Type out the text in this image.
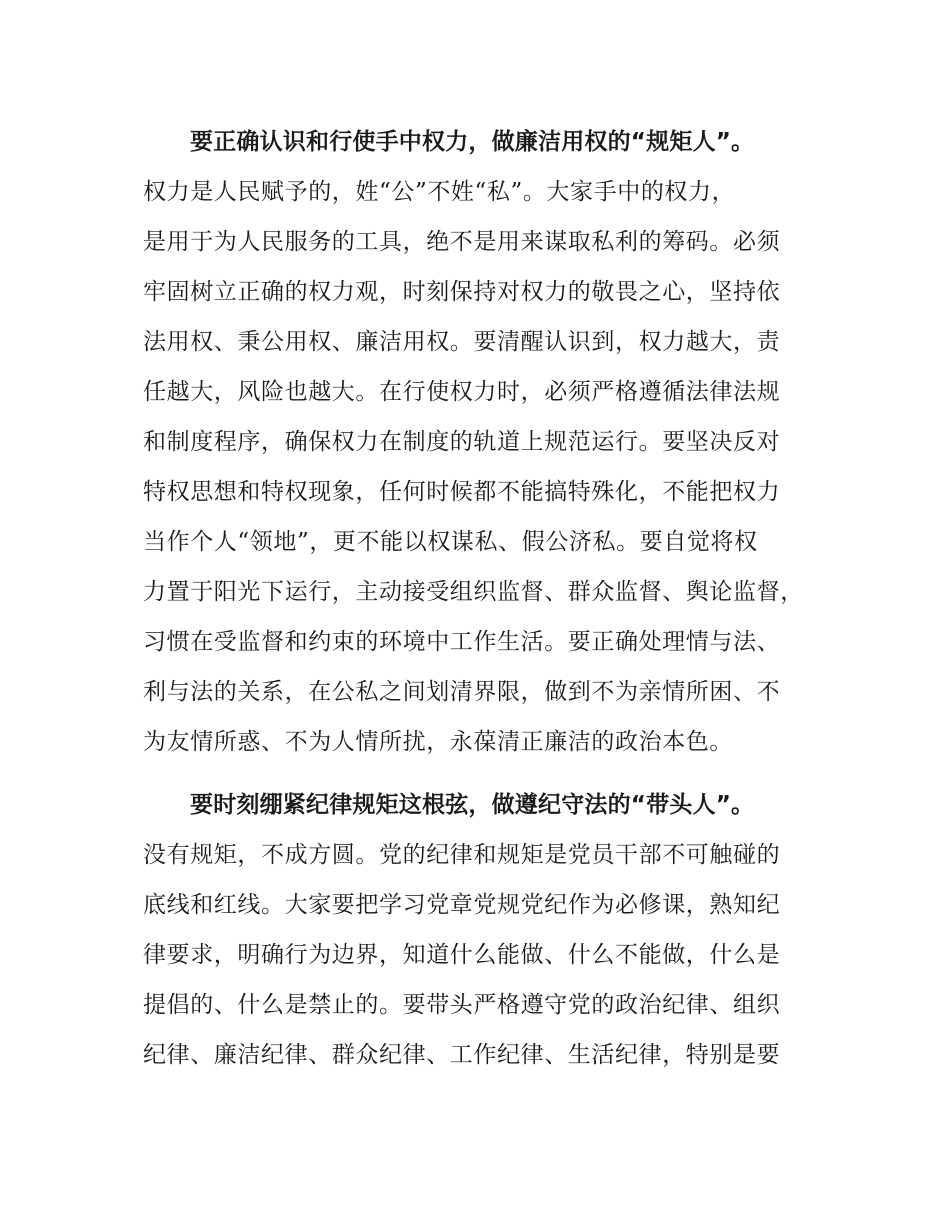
要正确认识和行使手中权力，做廉洁用权的“规矩人”。
权力是人民赋予的，姓“公”不姓“私”。大家手中的权力，
是用于为人民服务的工具，绝不是用来谋取私利的筹码。必须
牢固树立正确的权力观，时刻保持对权力的敬畏之心，坚持依
法用权、秉公用权、廉洁用权。要清醒认识到，权力越大，责
任越大，风险也越大。在行使权力时，必须严格遵循法律法规
和制度程序，确保权力在制度的轨道上规范运行。要坚决反对
特权思想和特权现象，任何时候都不能搞特殊化，不能把权力
当作个人“领地”，更不能以权谋私、假公济私。要自觉将权
力置于阳光下运行，主动接受组织监督、群众监督、舆论监督，
习惯在受监督和约束的环境中工作生活。要正确处理情与法、
利与法的关系，在公私之间划清界限，做到不为亲情所困、不
为友情所惑、不为人情所扰，永葆清正廉洁的政治本色。
要时刻绷紧纪律规矩这根弦，做遵纪守法的“带头人”。
没有规矩，不成方圆。党的纪律和规矩是党员干部不可触碰的
底线和红线。大家要把学习党章党规党纪作为必修课，熟知纪
律要求，明确行为边界，知道什么能做、什么不能做，什么是
提倡的、什么是禁止的。要带头严格遵守党的政治纪律、组织
纪律、廉洁纪律、群众纪律、工作纪律、生活纪律，特别是要
